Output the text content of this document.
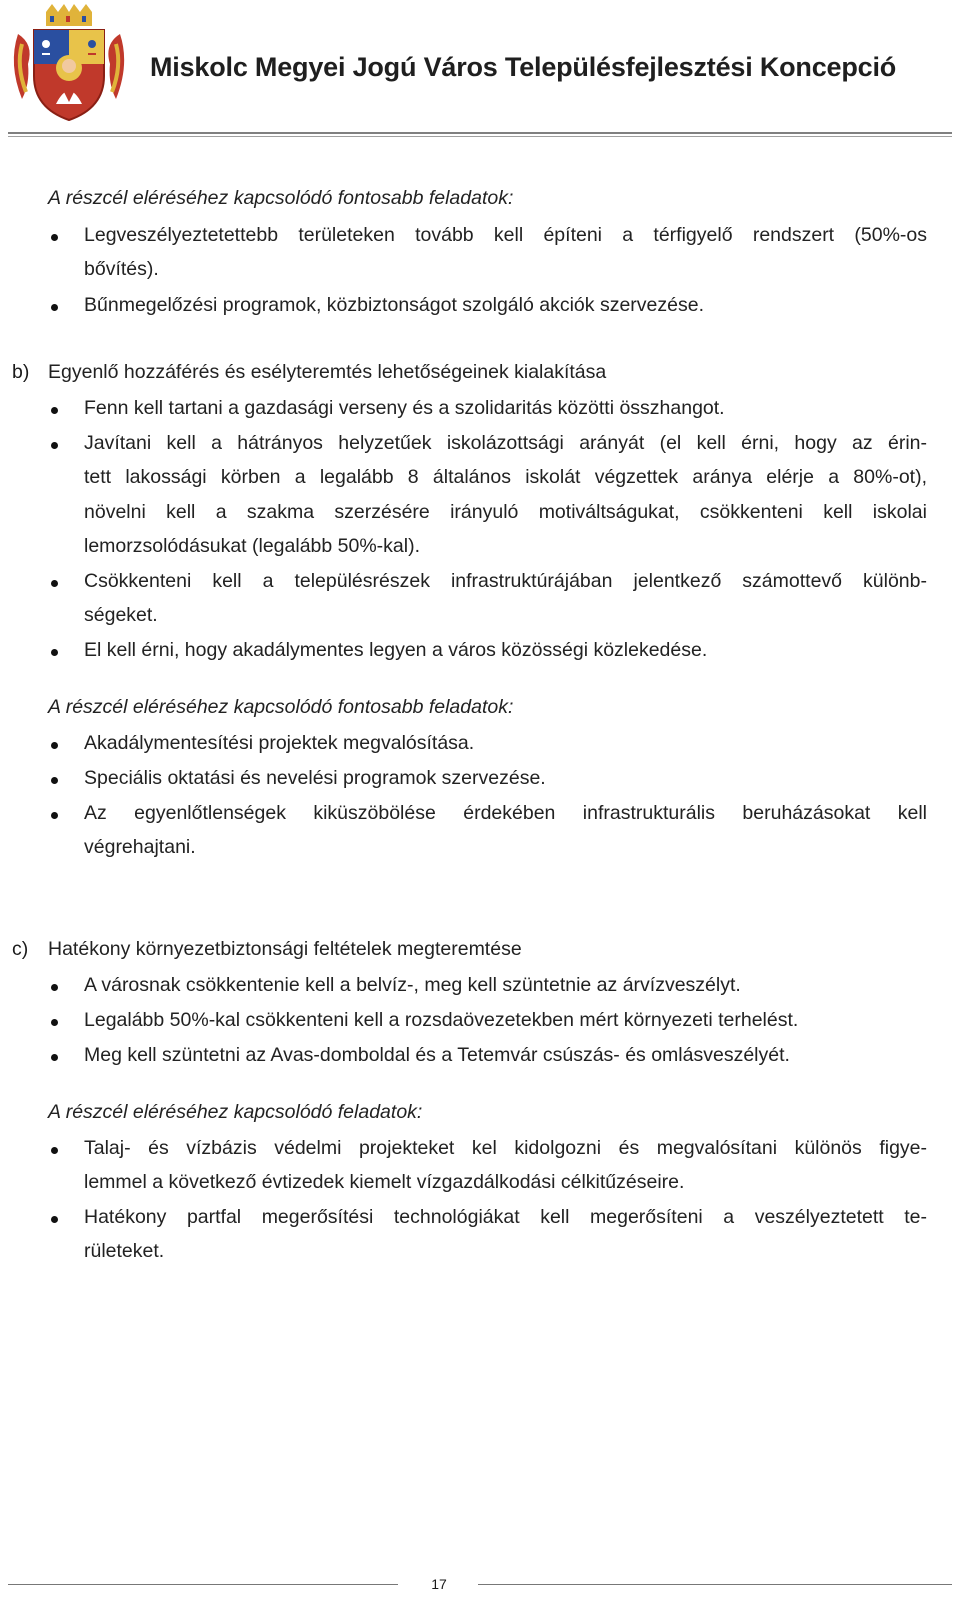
Miskolc Megyei Jogú Város Településfejlesztési Koncepció
A részcél eléréséhez kapcsolódó fontosabb feladatok:
Legveszélyeztetettebb területeken tovább kell építeni a térfigyelő rendszert (50%-os
bővítés).
Bűnmegelőzési programok, közbiztonságot szolgáló akciók szervezése.
b) Egyenlő hozzáférés és esélyteremtés lehetőségeinek kialakítása
Fenn kell tartani a gazdasági verseny és a szolidaritás közötti összhangot.
Javítani kell a hátrányos helyzetűek iskolázottsági arányát (el kell érni, hogy az érin-
tett lakossági körben a legalább 8 általános iskolát végzettek aránya elérje a 80%-ot),
növelni kell a szakma szerzésére irányuló motiváltságukat, csökkenteni kell iskolai
lemorzsolódásukat (legalább 50%-kal).
Csökkenteni kell a településrészek infrastruktúrájában jelentkező számottevő különb-
ségeket.
El kell érni, hogy akadálymentes legyen a város közösségi közlekedése.
A részcél eléréséhez kapcsolódó fontosabb feladatok:
Akadálymentesítési projektek megvalósítása.
Speciális oktatási és nevelési programok szervezése.
Az egyenlőtlenségek kiküszöbölése érdekében infrastrukturális beruházásokat kell
végrehajtani.
c) Hatékony környezetbiztonsági feltételek megteremtése
A városnak csökkentenie kell a belvíz-, meg kell szüntetnie az árvízveszélyt.
Legalább 50%-kal csökkenteni kell a rozsdaövezetekben mért környezeti terhelést.
Meg kell szüntetni az Avas-domboldal és a Tetemvár csúszás- és omlásveszélyét.
A részcél eléréséhez kapcsolódó feladatok:
Talaj- és vízbázis védelmi projekteket kel kidolgozni és megvalósítani különös figye-
lemmel a következő évtizedek kiemelt vízgazdálkodási célkitűzéseire.
Hatékony partfal megerősítési technológiákat kell megerősíteni a veszélyeztetett te-
rületeket.
17
